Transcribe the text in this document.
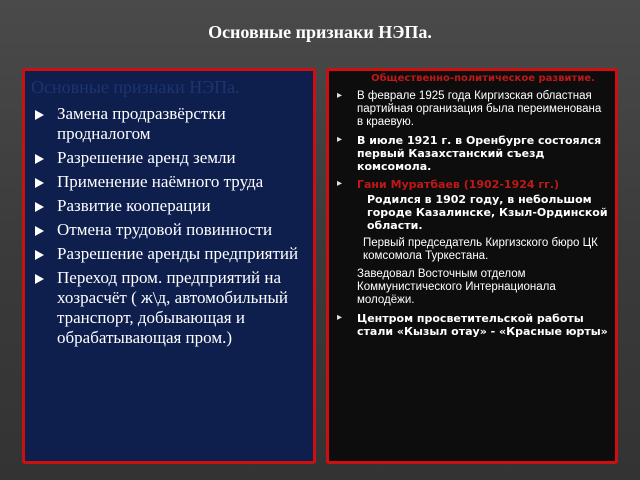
Основные признаки НЭПа.
Основные признаки НЭПа.
Замена продразвёрстки продналогом
Разрешение аренд земли
Применение наёмного труда
Развитие кооперации
Отмена трудовой повинности
Разрешение аренды предприятий
Переход пром. предприятий на хозрасчёт ( ж\д, автомобильный транспорт, добывающая и обрабатывающая пром.)
Общественно-политическое развитие.
▸ В феврале 1925 года Киргизская областная партийная организация была переименована в краевую.
▸ В июле 1921 г. в Оренбурге состоялся первый Казахстанский съезд комсомола.
▸ Гани Муратбаев (1902-1924 гг.)
Родился в 1902 году, в небольшом городе Казалинске, Кзыл-Ординской области.
Первый председатель Киргизского бюро ЦК комсомола Туркестана.
Заведовал Восточным отделом Коммунистического Интернационала молодёжи.
▸ Центром просветительской работы стали «Кызыл отау» - «Красные юрты»
